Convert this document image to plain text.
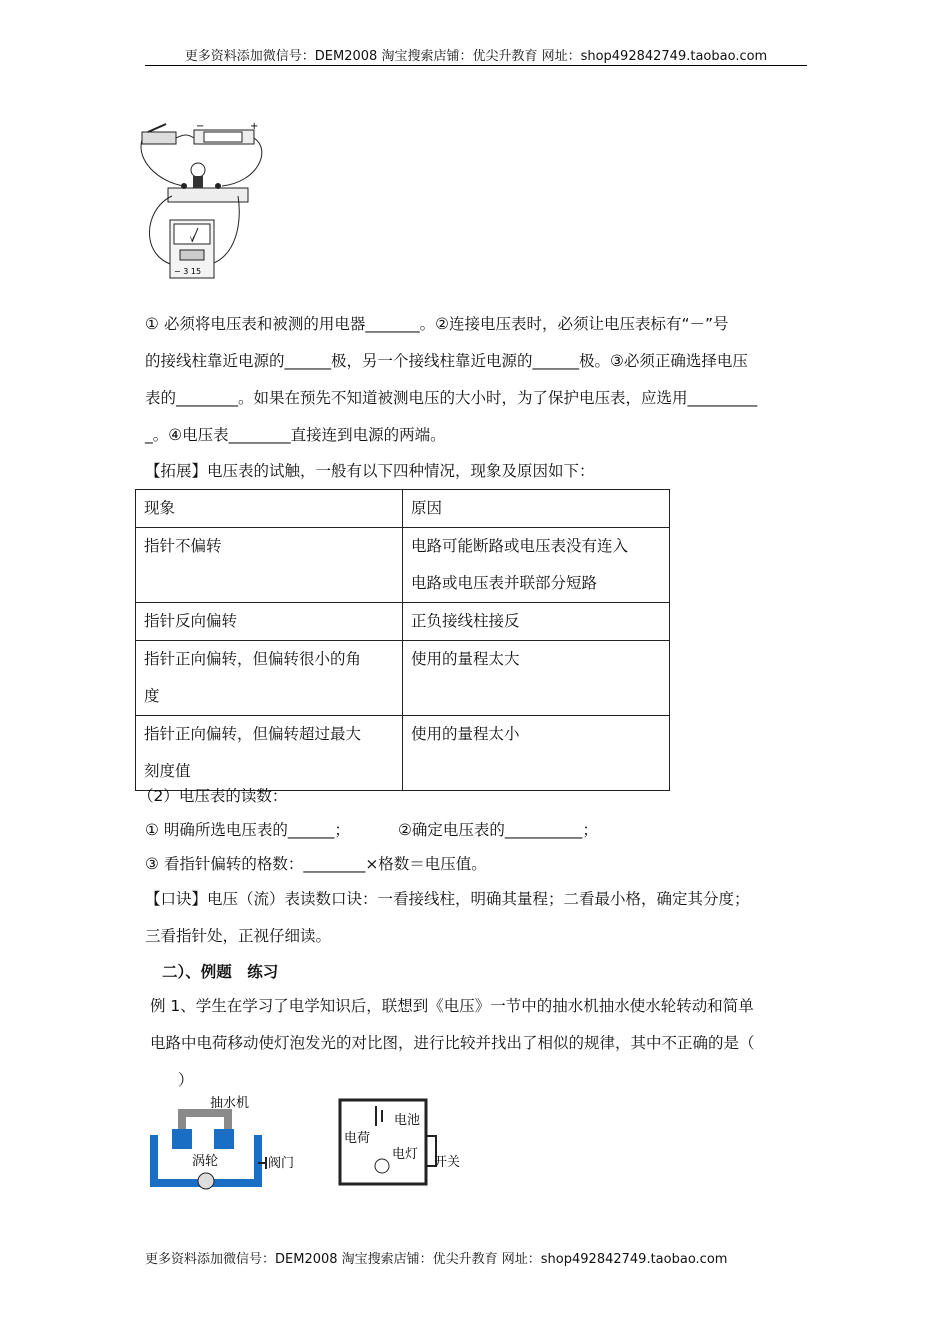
更多资料添加微信号：DEM2008 淘宝搜索店铺：优尖升教育 网址：shop492842749.taobao.com
−	+
V
− 3 15
① 必须将电压表和被测的用电器_______。②连接电压表时，必须让电压表标有“－”号
的接线柱靠近电源的______极，另一个接线柱靠近电源的______极。③必须正确选择电压
表的________。如果在预先不知道被测电压的大小时，为了保护电压表，应选用_________
_。④电压表________直接连到电源的两端。
【拓展】电压表的试触，一般有以下四种情况，现象及原因如下：
现象	原因

指针不偏转	电路可能断路或电压表没有连入
电路或电压表并联部分短路

指针反向偏转	正负接线柱接反

指针正向偏转，但偏转很小的角
度	使用的量程太大

指针正向偏转，但偏转超过最大
刻度值	使用的量程太小
（2）电压表的读数：
① 明确所选电压表的______；	②确定电压表的__________；
③ 看指针偏转的格数：________×格数＝电压值。
【口诀】电压（流）表读数口诀：一看接线柱，明确其量程；二看最小格，确定其分度；
三看指针处，正视仔细读。
二）、例题　练习
例 1、学生在学习了电学知识后，联想到《电压》一节中的抽水机抽水使水轮转动和简单
电路中电荷移动使灯泡发光的对比图，进行比较并找出了相似的规律，其中不正确的是（
）
抽水机
涡轮	阀门
电池
电荷
电灯
开关
更多资料添加微信号：DEM2008 淘宝搜索店铺：优尖升教育 网址：shop492842749.taobao.com
